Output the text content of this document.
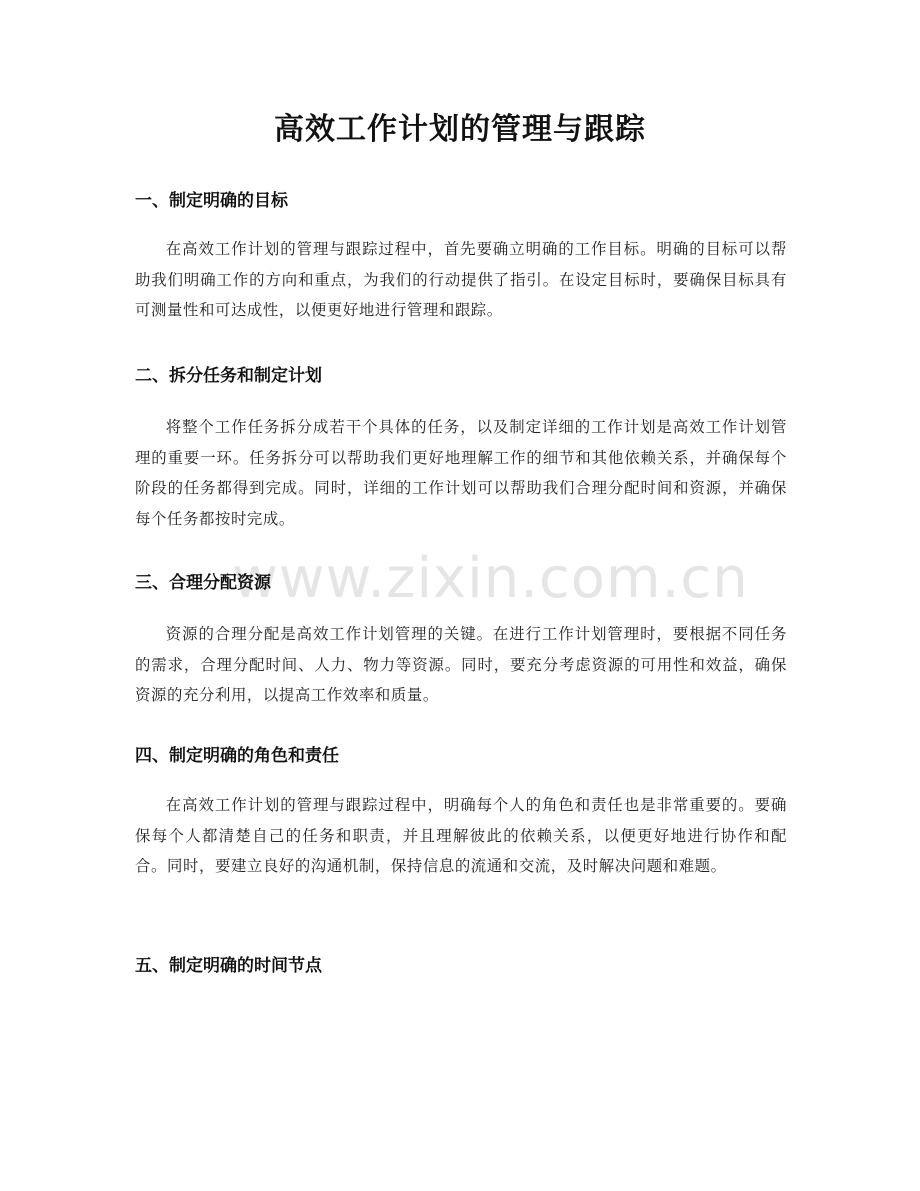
高效工作计划的管理与跟踪
www.zixin.com.cn
一、制定明确的目标

在高效工作计划的管理与跟踪过程中，首先要确立明确的工作目标。明确的目标可以帮助我们明确工作的方向和重点，为我们的行动提供了指引。在设定目标时，要确保目标具有可测量性和可达成性，以便更好地进行管理和跟踪。

二、拆分任务和制定计划

将整个工作任务拆分成若干个具体的任务，以及制定详细的工作计划是高效工作计划管理的重要一环。任务拆分可以帮助我们更好地理解工作的细节和其他依赖关系，并确保每个阶段的任务都得到完成。同时，详细的工作计划可以帮助我们合理分配时间和资源，并确保每个任务都按时完成。

三、合理分配资源

资源的合理分配是高效工作计划管理的关键。在进行工作计划管理时，要根据不同任务的需求，合理分配时间、人力、物力等资源。同时，要充分考虑资源的可用性和效益，确保资源的充分利用，以提高工作效率和质量。

四、制定明确的角色和责任

在高效工作计划的管理与跟踪过程中，明确每个人的角色和责任也是非常重要的。要确保每个人都清楚自己的任务和职责，并且理解彼此的依赖关系，以便更好地进行协作和配合。同时，要建立良好的沟通机制，保持信息的流通和交流，及时解决问题和难题。

五、制定明确的时间节点
